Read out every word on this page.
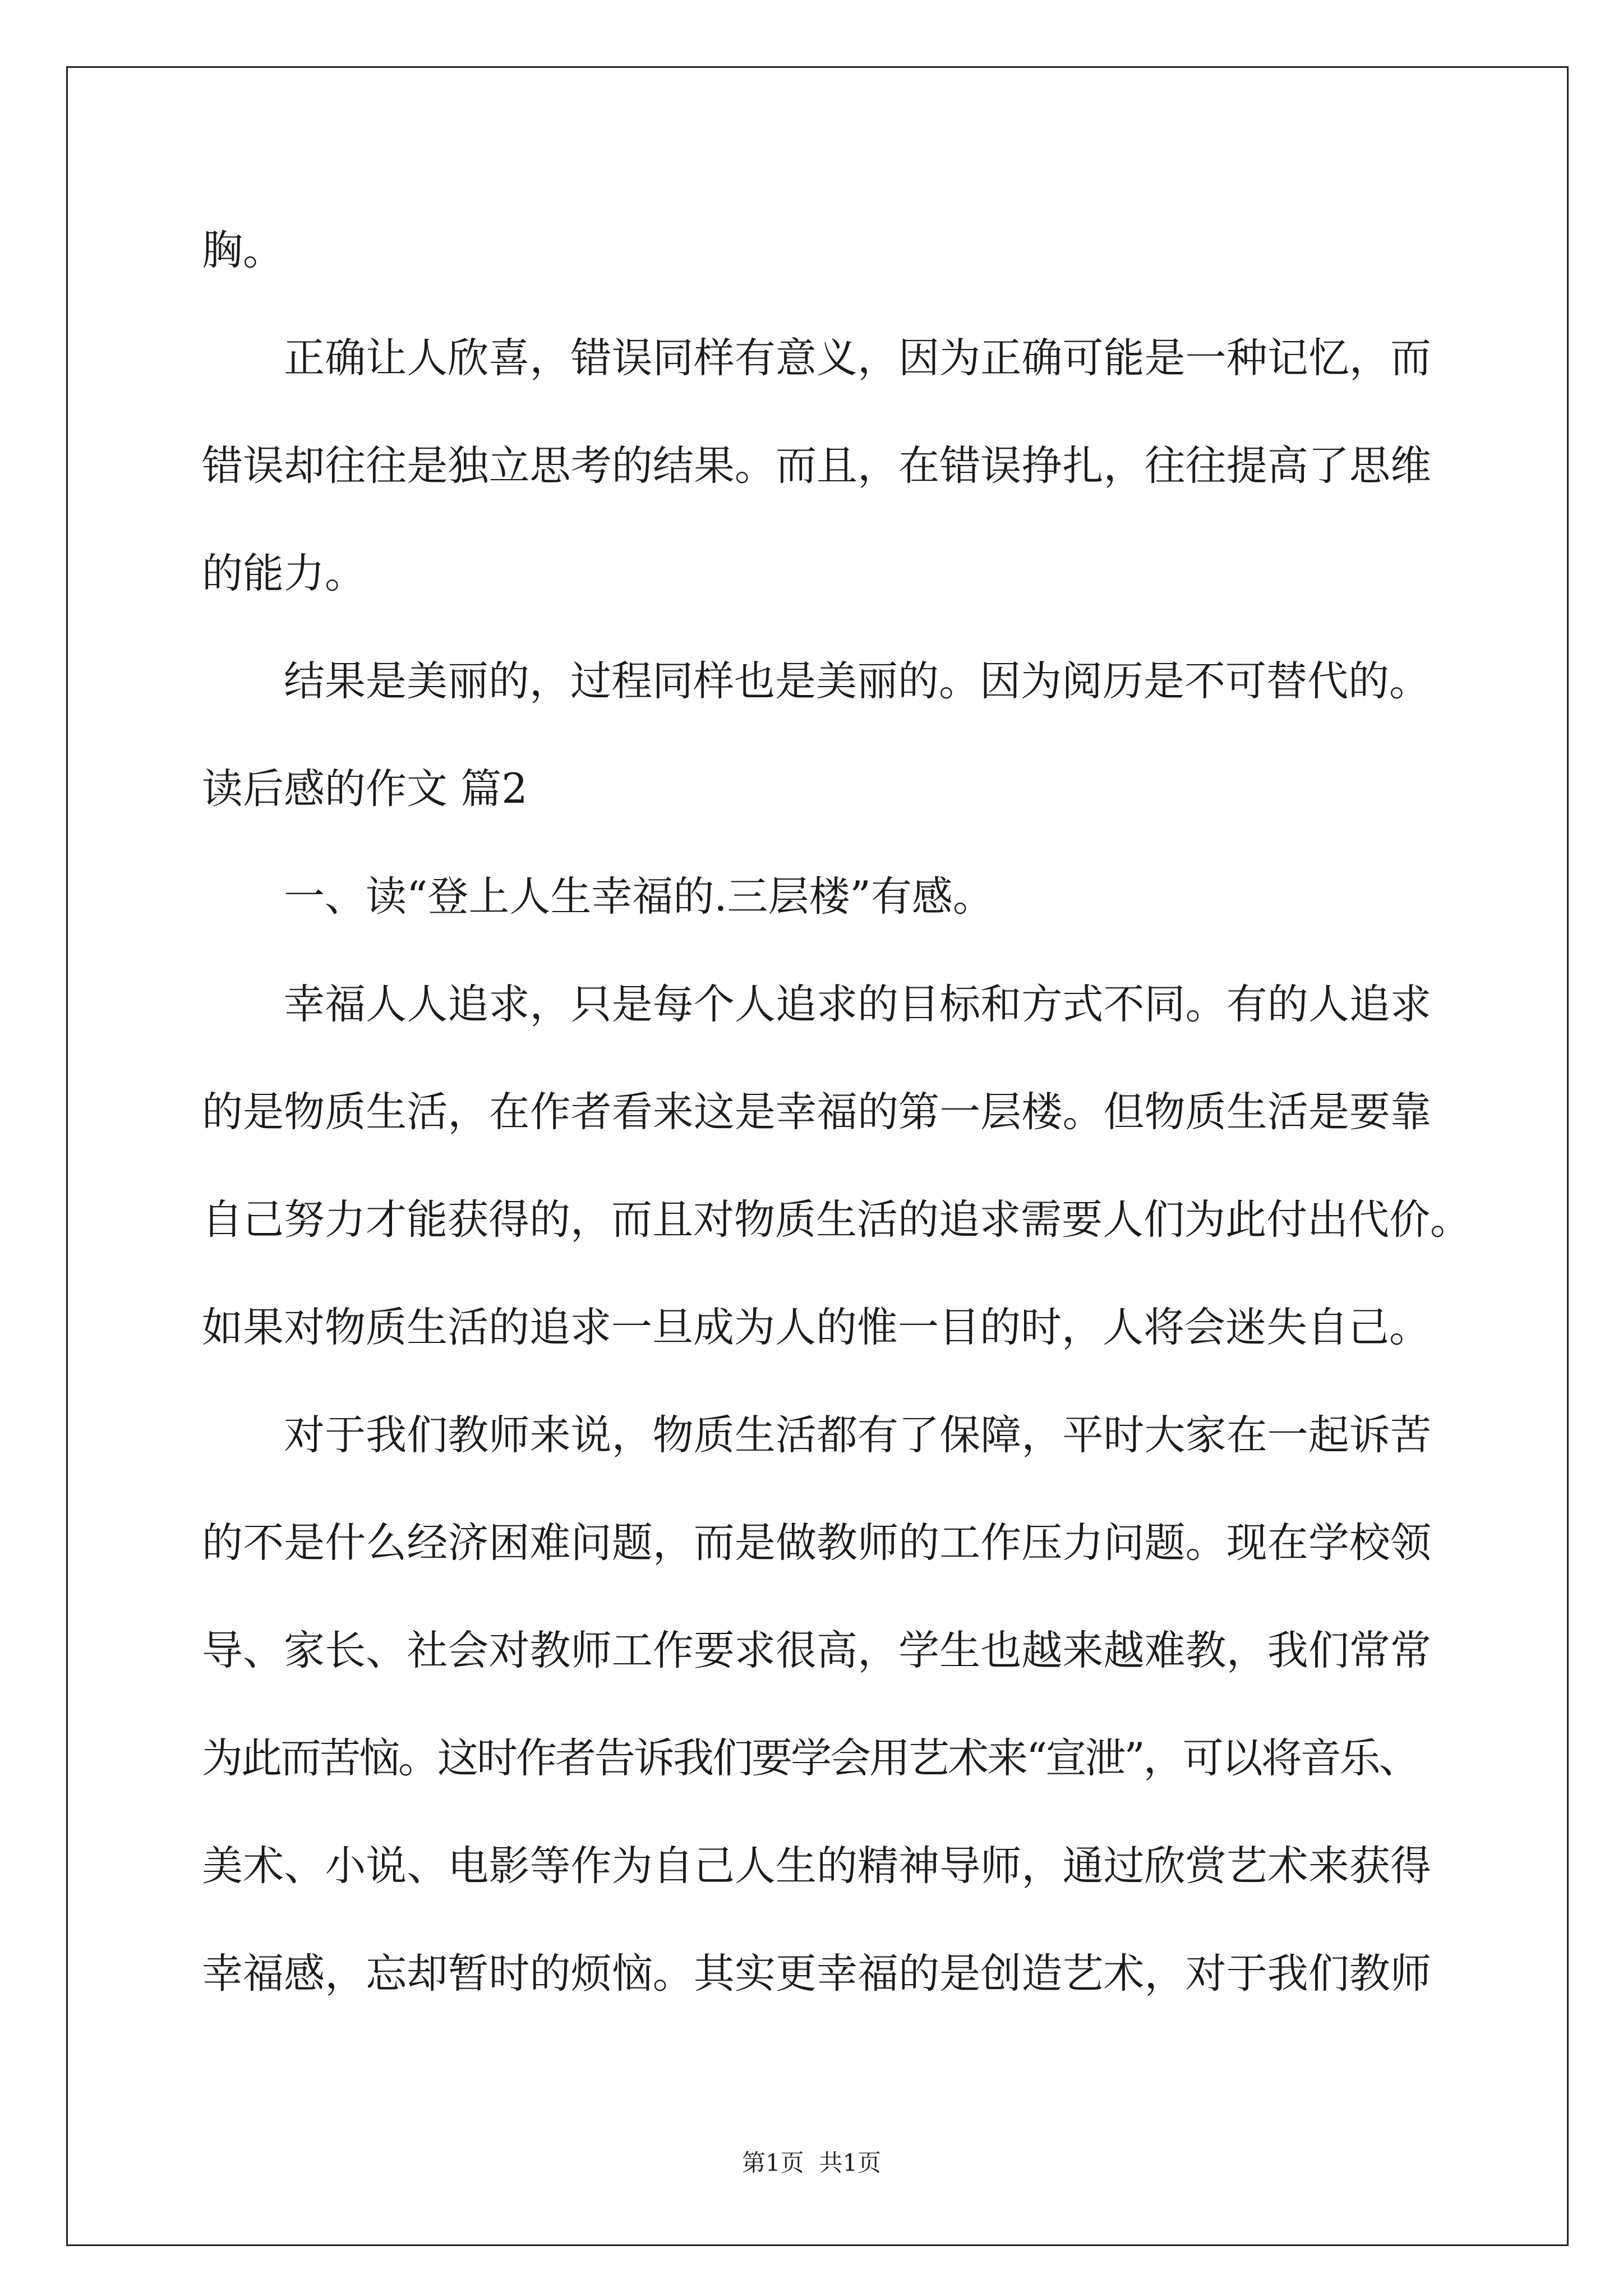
胸。
正确让人欣喜，错误同样有意义，因为正确可能是一种记忆，而
错误却往往是独立思考的结果。而且，在错误挣扎，往往提高了思维
的能力。
结果是美丽的，过程同样也是美丽的。因为阅历是不可替代的。
读后感的作文 篇2
一、读“登上人生幸福的.三层楼”有感。
幸福人人追求，只是每个人追求的目标和方式不同。有的人追求
的是物质生活，在作者看来这是幸福的第一层楼。但物质生活是要靠
自己努力才能获得的，而且对物质生活的追求需要人们为此付出代价。
如果对物质生活的追求一旦成为人的惟一目的时，人将会迷失自己。
对于我们教师来说，物质生活都有了保障，平时大家在一起诉苦
的不是什么经济困难问题，而是做教师的工作压力问题。现在学校领
导、家长、社会对教师工作要求很高，学生也越来越难教，我们常常
为此而苦恼。这时作者告诉我们要学会用艺术来“宣泄”，可以将音乐、
美术、小说、电影等作为自己人生的精神导师，通过欣赏艺术来获得
幸福感，忘却暂时的烦恼。其实更幸福的是创造艺术，对于我们教师
第1页  共1页
